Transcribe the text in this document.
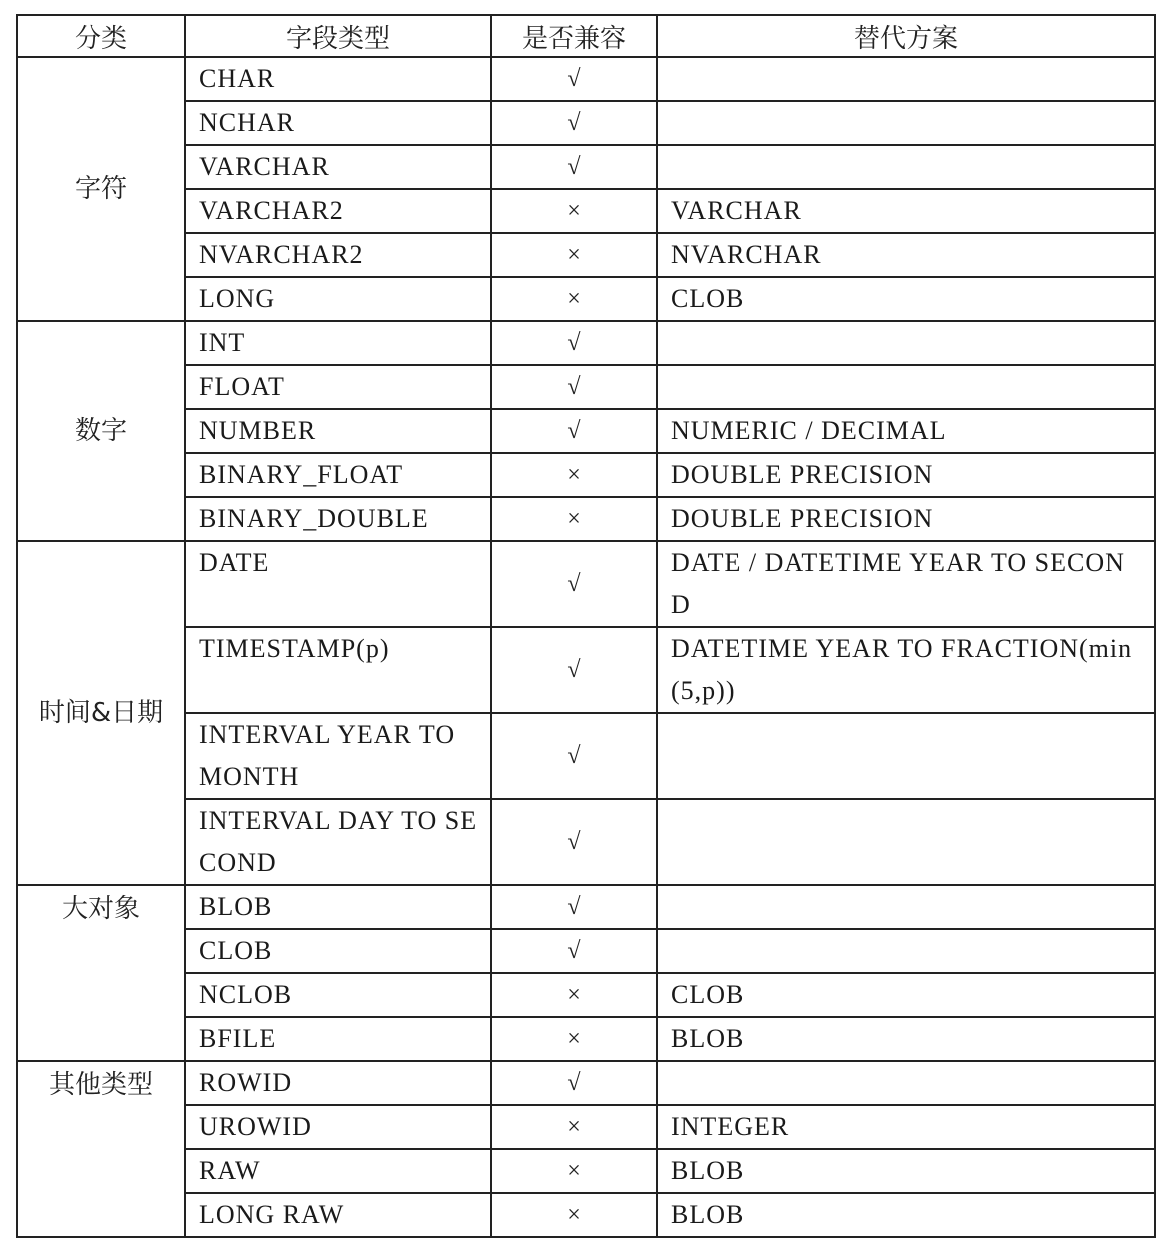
分类	字段类型	是否兼容	替代方案
字符	CHAR	√	
	NCHAR	√	
	VARCHAR	√	
	VARCHAR2	×	VARCHAR
	NVARCHAR2	×	NVARCHAR
	LONG	×	CLOB
数字	INT	√	
	FLOAT	√	
	NUMBER	√	NUMERIC / DECIMAL
	BINARY_FLOAT	×	DOUBLE PRECISION
	BINARY_DOUBLE	×	DOUBLE PRECISION
时间&日期	DATE	√	DATE / DATETIME YEAR TO SECOND
	TIMESTAMP(p)	√	DATETIME YEAR TO FRACTION(min(5,p))
	INTERVAL YEAR TO MONTH	√	
	INTERVAL DAY TO SECOND	√	
大对象	BLOB	√	
	CLOB	√	
	NCLOB	×	CLOB
	BFILE	×	BLOB
其他类型	ROWID	√	
	UROWID	×	INTEGER
	RAW	×	BLOB
	LONG RAW	×	BLOB
